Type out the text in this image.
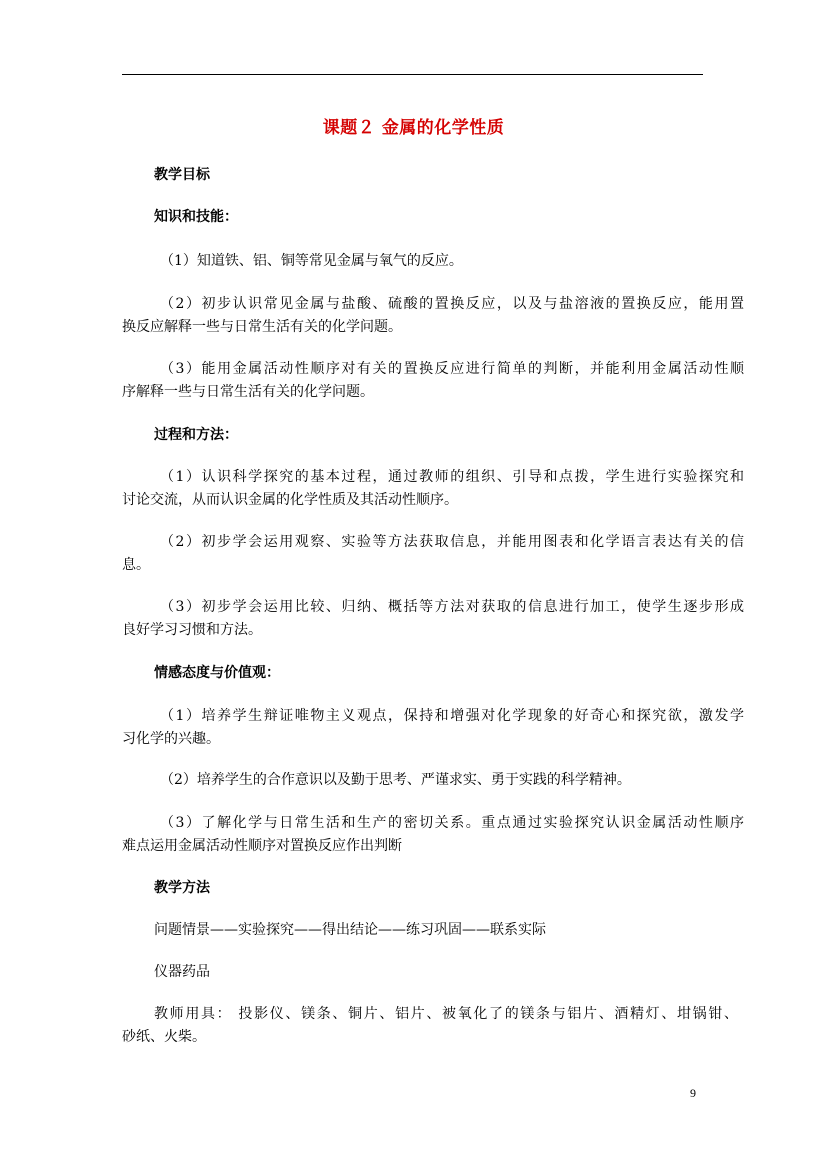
课题２ 金属的化学性质
教学目标
知识和技能：
（1）知道铁、铝、铜等常见金属与氧气的反应。
（2）初步认识常见金属与盐酸、硫酸的置换反应，以及与盐溶液的置换反应，能用置
换反应解释一些与日常生活有关的化学问题。
（3）能用金属活动性顺序对有关的置换反应进行简单的判断，并能利用金属活动性顺
序解释一些与日常生活有关的化学问题。
过程和方法：
（1）认识科学探究的基本过程，通过教师的组织、引导和点拨，学生进行实验探究和
讨论交流，从而认识金属的化学性质及其活动性顺序。
（2）初步学会运用观察、实验等方法获取信息，并能用图表和化学语言表达有关的信
息。
（3）初步学会运用比较、归纳、概括等方法对获取的信息进行加工，使学生逐步形成
良好学习习惯和方法。
情感态度与价值观：
（1）培养学生辩证唯物主义观点，保持和增强对化学现象的好奇心和探究欲，激发学
习化学的兴趣。
（2）培养学生的合作意识以及勤于思考、严谨求实、勇于实践的科学精神。
（3）了解化学与日常生活和生产的密切关系。重点通过实验探究认识金属活动性顺序
难点运用金属活动性顺序对置换反应作出判断
教学方法
问题情景——实验探究——得出结论——练习巩固——联系实际
仪器药品
教师用具： 投影仪、镁条、铜片、铝片、被氧化了的镁条与铝片、酒精灯、坩锅钳、
砂纸、火柴。
9
